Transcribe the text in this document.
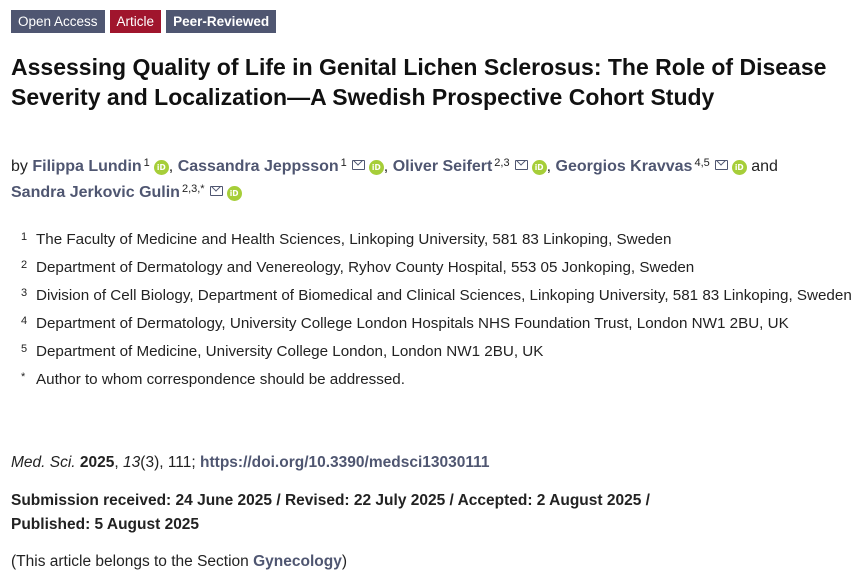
Open Access	Article	Peer-Reviewed
Assessing Quality of Life in Genital Lichen Sclerosus: The Role of Disease Severity and Localization—A Swedish Prospective Cohort Study
by Filippa Lundin $^1$ iD , Cassandra Jeppsson $^1$	iD , Oliver Seifert $^{2,3}$	iD , Georgios Kravvas $^{4,5}$	iD and
Sandra Jerkovic Gulin $^{2,3,*}$	iD
1 The Faculty of Medicine and Health Sciences, Linkoping University, 581 83 Linkoping, Sweden
2 Department of Dermatology and Venereology, Ryhov County Hospital, 553 05 Jonkoping, Sweden
3 Division of Cell Biology, Department of Biomedical and Clinical Sciences, Linkoping University, 581 83 Linkoping, Sweden
4 Department of Dermatology, University College London Hospitals NHS Foundation Trust, London NW1 2BU, UK
5 Department of Medicine, University College London, London NW1 2BU, UK
* Author to whom correspondence should be addressed.
Med. Sci. 2025, 13(3), 111; https://doi.org/10.3390/medsci13030111
Submission received: 24 June 2025 / Revised: 22 July 2025 / Accepted: 2 August 2025 / Published: 5 August 2025
(This article belongs to the Section Gynecology)
